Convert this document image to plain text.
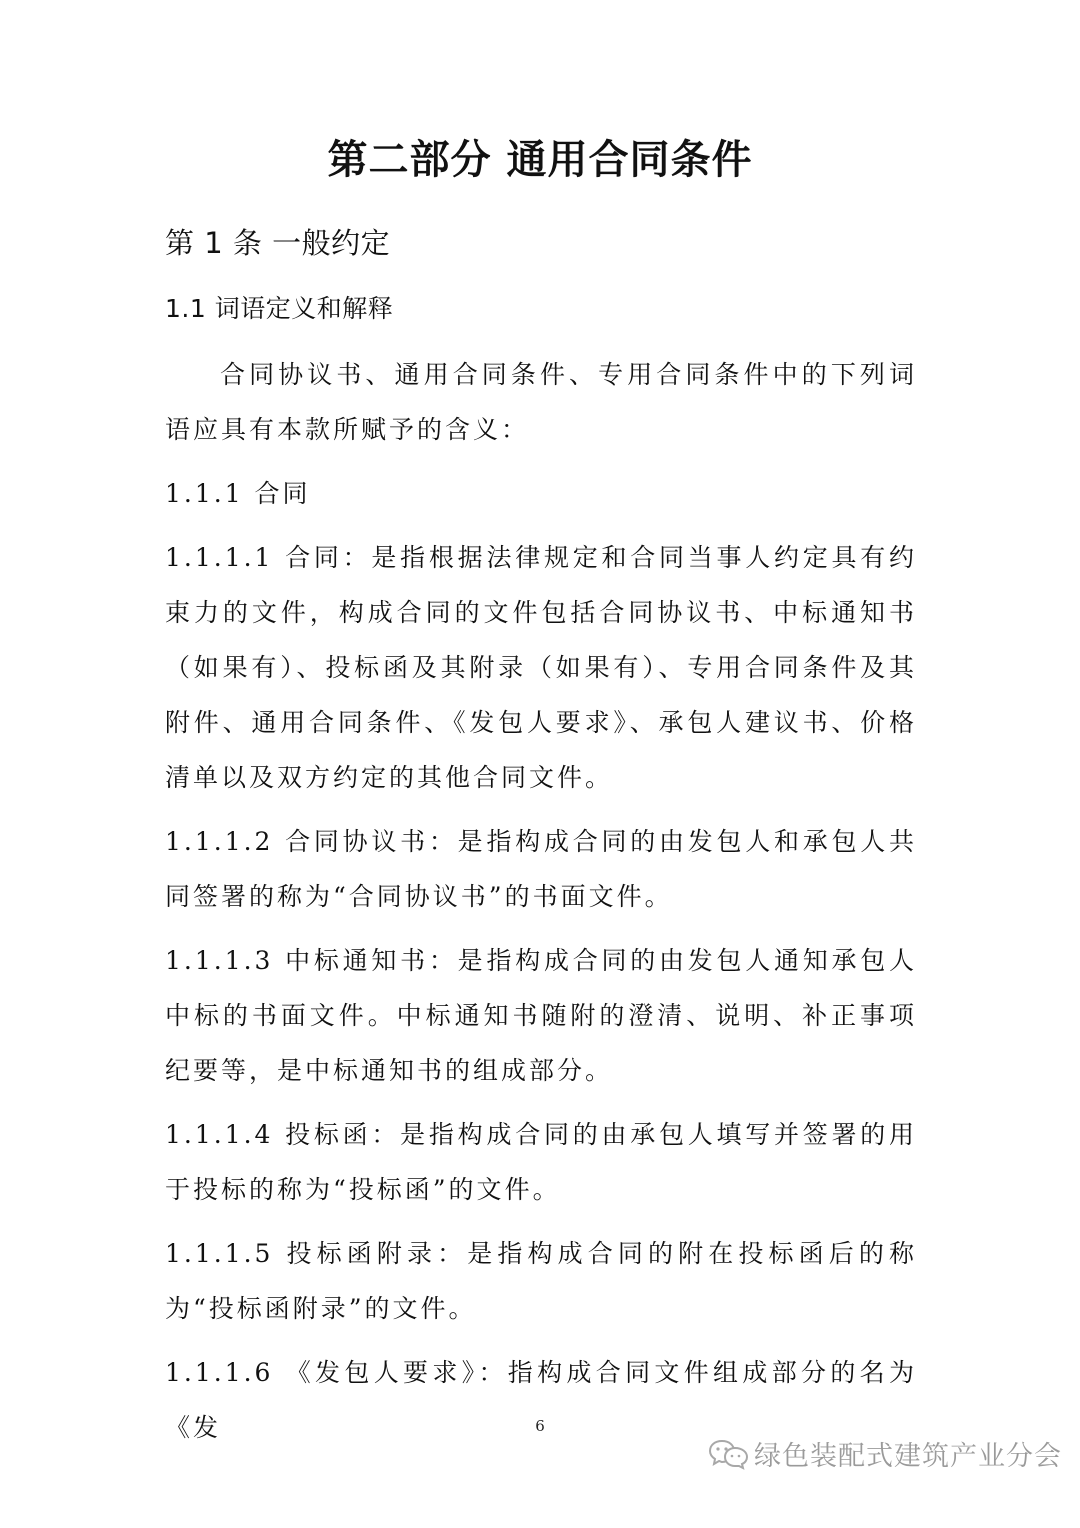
第二部分 通用合同条件
第 1 条 一般约定
1.1 词语定义和解释

合同协议书、通用合同条件、专用合同条件中的下列词语应具有本款所赋予的含义：

1.1.1 合同

1.1.1.1 合同：是指根据法律规定和合同当事人约定具有约束力的文件，构成合同的文件包括合同协议书、中标通知书（如果有）、投标函及其附录（如果有）、专用合同条件及其附件、通用合同条件、《发包人要求》、承包人建议书、价格清单以及双方约定的其他合同文件。

1.1.1.2 合同协议书：是指构成合同的由发包人和承包人共同签署的称为“合同协议书”的书面文件。

1.1.1.3 中标通知书：是指构成合同的由发包人通知承包人中标的书面文件。中标通知书随附的澄清、说明、补正事项纪要等，是中标通知书的组成部分。

1.1.1.4 投标函：是指构成合同的由承包人填写并签署的用于投标的称为“投标函”的文件。

1.1.1.5 投标函附录：是指构成合同的附在投标函后的称为“投标函附录”的文件。

1.1.1.6 《发包人要求》：指构成合同文件组成部分的名为《发	6
绿色装配式建筑产业分会
